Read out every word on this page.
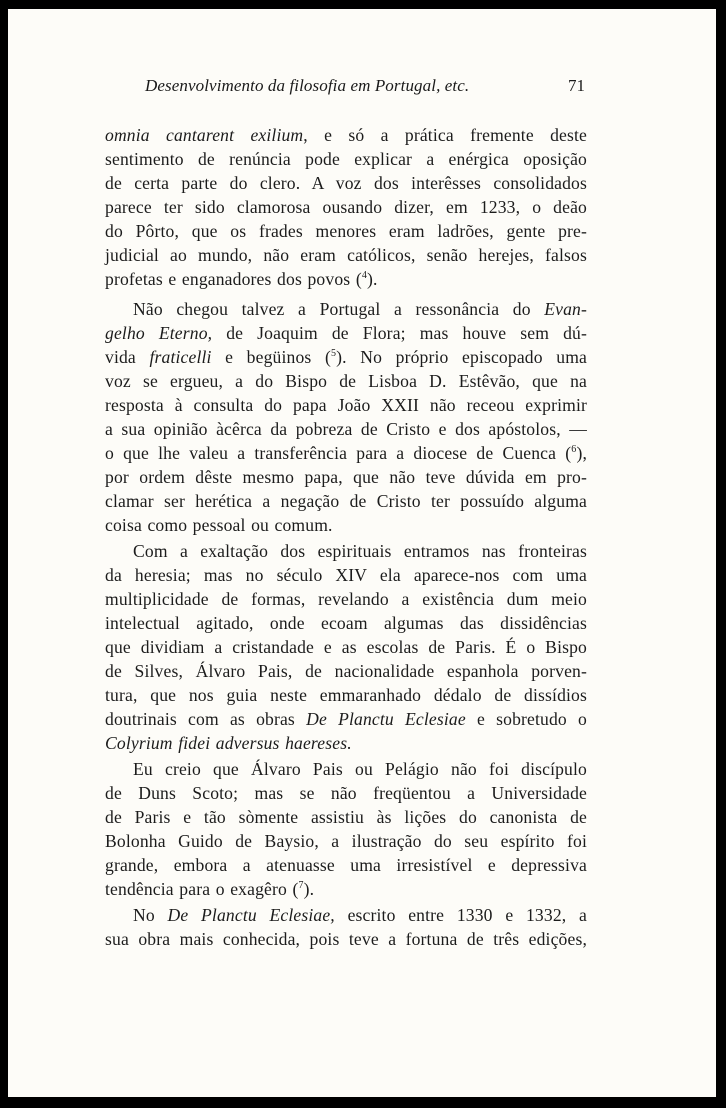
Desenvolvimento da filosofia em Portugal, etc.	71
omnia cantarent exilium, e só a prática fremente deste
sentimento de renúncia pode explicar a enérgica oposição
de certa parte do clero. A voz dos interêsses consolidados
parece ter sido clamorosa ousando dizer, em 1233, o deão
do Pôrto, que os frades menores eram ladrões, gente pre-
judicial ao mundo, não eram católicos, senão herejes, falsos
profetas e enganadores dos povos ($^4$).
Não chegou talvez a Portugal a ressonância do Evan-
gelho Eterno, de Joaquim de Flora; mas houve sem dú-
vida fraticelli e begüinos ($^5$). No próprio episcopado uma
voz se ergueu, a do Bispo de Lisboa D. Estêvão, que na
resposta à consulta do papa João XXII não receou exprimir
a sua opinião àcêrca da pobreza de Cristo e dos apóstolos, —
o que lhe valeu a transferência para a diocese de Cuenca ($^6$),
por ordem dêste mesmo papa, que não teve dúvida em pro-
clamar ser herética a negação de Cristo ter possuído alguma
coisa como pessoal ou comum.
Com a exaltação dos espirituais entramos nas fronteiras
da heresia; mas no século XIV ela aparece-nos com uma
multiplicidade de formas, revelando a existência dum meio
intelectual agitado, onde ecoam algumas das dissidências
que dividiam a cristandade e as escolas de Paris. É o Bispo
de Silves, Álvaro Pais, de nacionalidade espanhola porven-
tura, que nos guia neste emmaranhado dédalo de dissídios
doutrinais com as obras De Planctu Eclesiae e sobretudo o
Colyrium fidei adversus haereses.
Eu creio que Álvaro Pais ou Pelágio não foi discípulo
de Duns Scoto; mas se não freqüentou a Universidade
de Paris e tão sòmente assistiu às lições do canonista de
Bolonha Guido de Baysio, a ilustração do seu espírito foi
grande, embora a atenuasse uma irresistível e depressiva
tendência para o exagêro ($^7$).
No De Planctu Eclesiae, escrito entre 1330 e 1332, a
sua obra mais conhecida, pois teve a fortuna de três edições,
